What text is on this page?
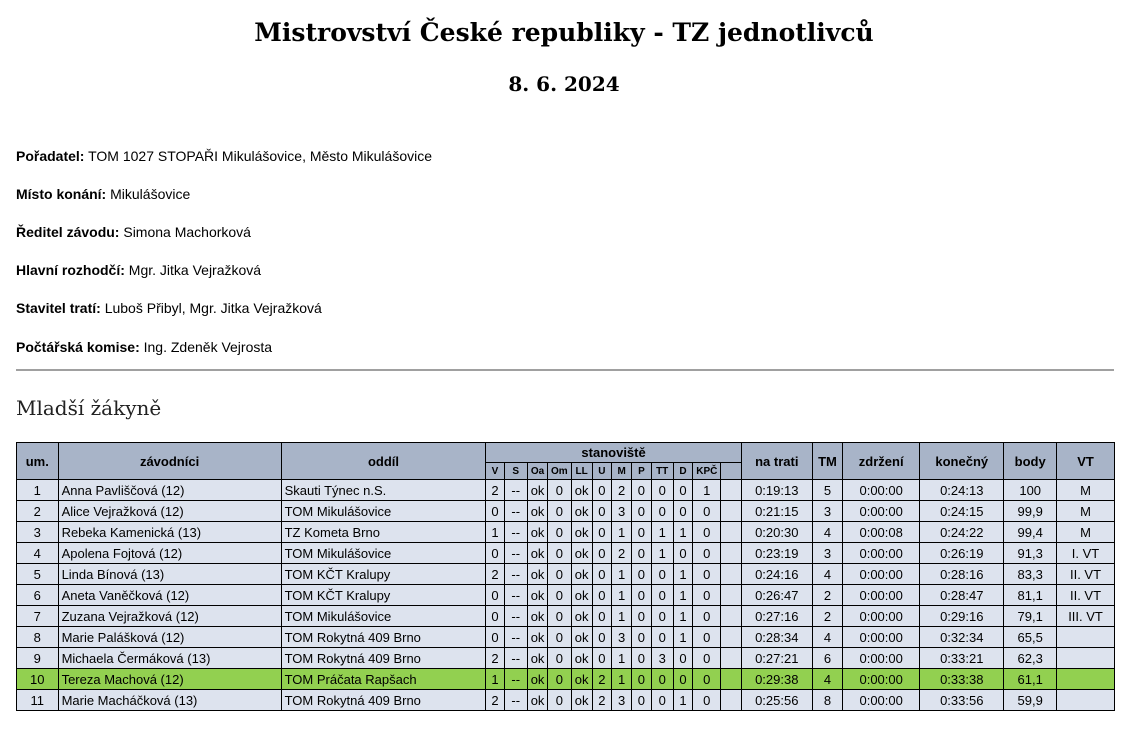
Mistrovství České republiky - TZ jednotlivců
8. 6. 2024
Pořadatel: TOM 1027 STOPAŘI Mikulášovice, Město Mikulášovice
Místo konání: Mikulášovice
Ředitel závodu: Simona Machorková
Hlavní rozhodčí: Mgr. Jitka Vejražková
Stavitel tratí: Luboš Přibyl, Mgr. Jitka Vejražková
Počtářská komise: Ing. Zdeněk Vejrosta
Mladší žákyně
um.	závodníci	oddíl	stanoviště												na trati	TM	zdržení	konečný	body	VT
			V	S	Oa	Om	LL	U	M	P	TT	D	KPČ							
1	Anna Pavliščová (12)	Skauti Týnec n.S.	2	--	ok	0	ok	0	2	0	0	0	1		0:19:13	5	0:00:00	0:24:13	100	M
2	Alice Vejražková (12)	TOM Mikulášovice	0	--	ok	0	ok	0	3	0	0	0	0		0:21:15	3	0:00:00	0:24:15	99,9	M
3	Rebeka Kamenická (13)	TZ Kometa Brno	1	--	ok	0	ok	0	1	0	1	1	0		0:20:30	4	0:00:08	0:24:22	99,4	M
4	Apolena Fojtová (12)	TOM Mikulášovice	0	--	ok	0	ok	0	2	0	1	0	0		0:23:19	3	0:00:00	0:26:19	91,3	I. VT
5	Linda Bínová (13)	TOM KČT Kralupy	2	--	ok	0	ok	0	1	0	0	1	0		0:24:16	4	0:00:00	0:28:16	83,3	II. VT
6	Aneta Vaněčková (12)	TOM KČT Kralupy	0	--	ok	0	ok	0	1	0	0	1	0		0:26:47	2	0:00:00	0:28:47	81,1	II. VT
7	Zuzana Vejražková (12)	TOM Mikulášovice	0	--	ok	0	ok	0	1	0	0	1	0		0:27:16	2	0:00:00	0:29:16	79,1	III. VT
8	Marie Palášková (12)	TOM Rokytná 409 Brno	0	--	ok	0	ok	0	3	0	0	1	0		0:28:34	4	0:00:00	0:32:34	65,5	
9	Michaela Čermáková (13)	TOM Rokytná 409 Brno	2	--	ok	0	ok	0	1	0	3	0	0		0:27:21	6	0:00:00	0:33:21	62,3	
10	Tereza Machová (12)	TOM Práčata Rapšach	1	--	ok	0	ok	2	1	0	0	0	0		0:29:38	4	0:00:00	0:33:38	61,1	
11	Marie Macháčková (13)	TOM Rokytná 409 Brno	2	--	ok	0	ok	2	3	0	0	1	0		0:25:56	8	0:00:00	0:33:56	59,9	
